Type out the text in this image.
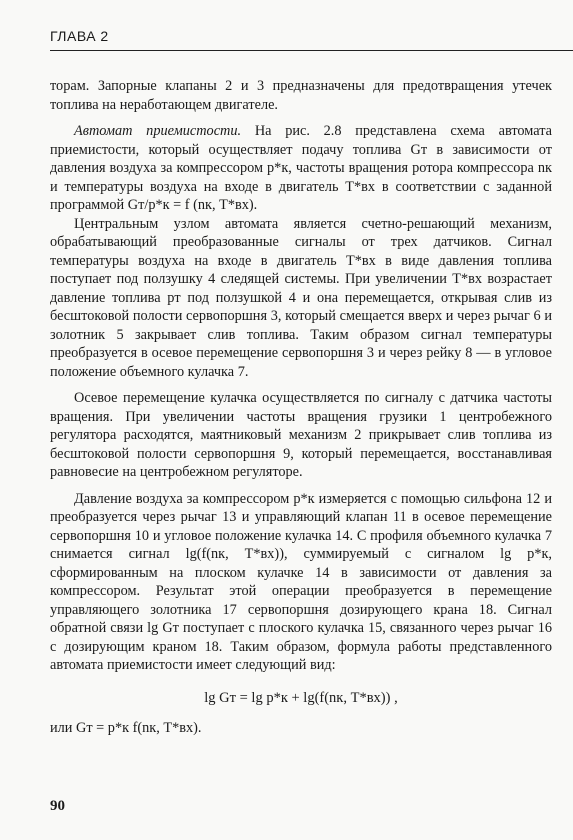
ГЛАВА 2

торам. Запорные клапаны 2 и 3 предназначены для предотвращения утечек топлива на неработающем двигателе.

Автомат приемистости. На рис. 2.8 представлена схема автомата приемистости, который осуществляет подачу топлива Gт в зависимости от давления воздуха за компрессором p*к, частоты вращения ротора компрессора nк и температуры воздуха на входе в двигатель T*вх в соответствии с заданной программой Gт/p*к = f (nк, T*вх).

Центральным узлом автомата является счетно-решающий механизм, обрабатывающий преобразованные сигналы от трех датчиков. Сигнал температуры воздуха на входе в двигатель T*вх в виде давления топлива поступает под ползушку 4 следящей системы. При увеличении T*вх возрастает давление топлива pт под ползушкой 4 и она перемещается, открывая слив из бесштоковой полости сервопоршня 3, который смещается вверх и через рычаг 6 и золотник 5 закрывает слив топлива. Таким образом сигнал температуры преобразуется в осевое перемещение сервопоршня 3 и через рейку 8 — в угловое положение объемного кулачка 7.

Осевое перемещение кулачка осуществляется по сигналу с датчика частоты вращения. При увеличении частоты вращения грузики 1 центробежного регулятора расходятся, маятниковый механизм 2 прикрывает слив топлива из бесштоковой полости сервопоршня 9, который перемещается, восстанавливая равновесие на центробежном регуляторе.

Давление воздуха за компрессором p*к измеряется с помощью сильфона 12 и преобразуется через рычаг 13 и управляющий клапан 11 в осевое перемещение сервопоршня 10 и угловое положение кулачка 14. С профиля объемного кулачка 7 снимается сигнал lg(f(nк, T*вх)), суммируемый с сигналом lg p*к, сформированным на плоском кулачке 14 в зависимости от давления за компрессором. Результат этой операции преобразуется в перемещение управляющего золотника 17 сервопоршня дозирующего крана 18. Сигнал обратной связи lg Gт поступает с плоского кулачка 15, связанного через рычаг 16 с дозирующим краном 18. Таким образом, формула работы представленного автомата приемистости имеет следующий вид:

lg Gт = lg p*к + lg(f(nк, T*вх)) ,

или Gт = p*к f(nк, T*вх).

90
